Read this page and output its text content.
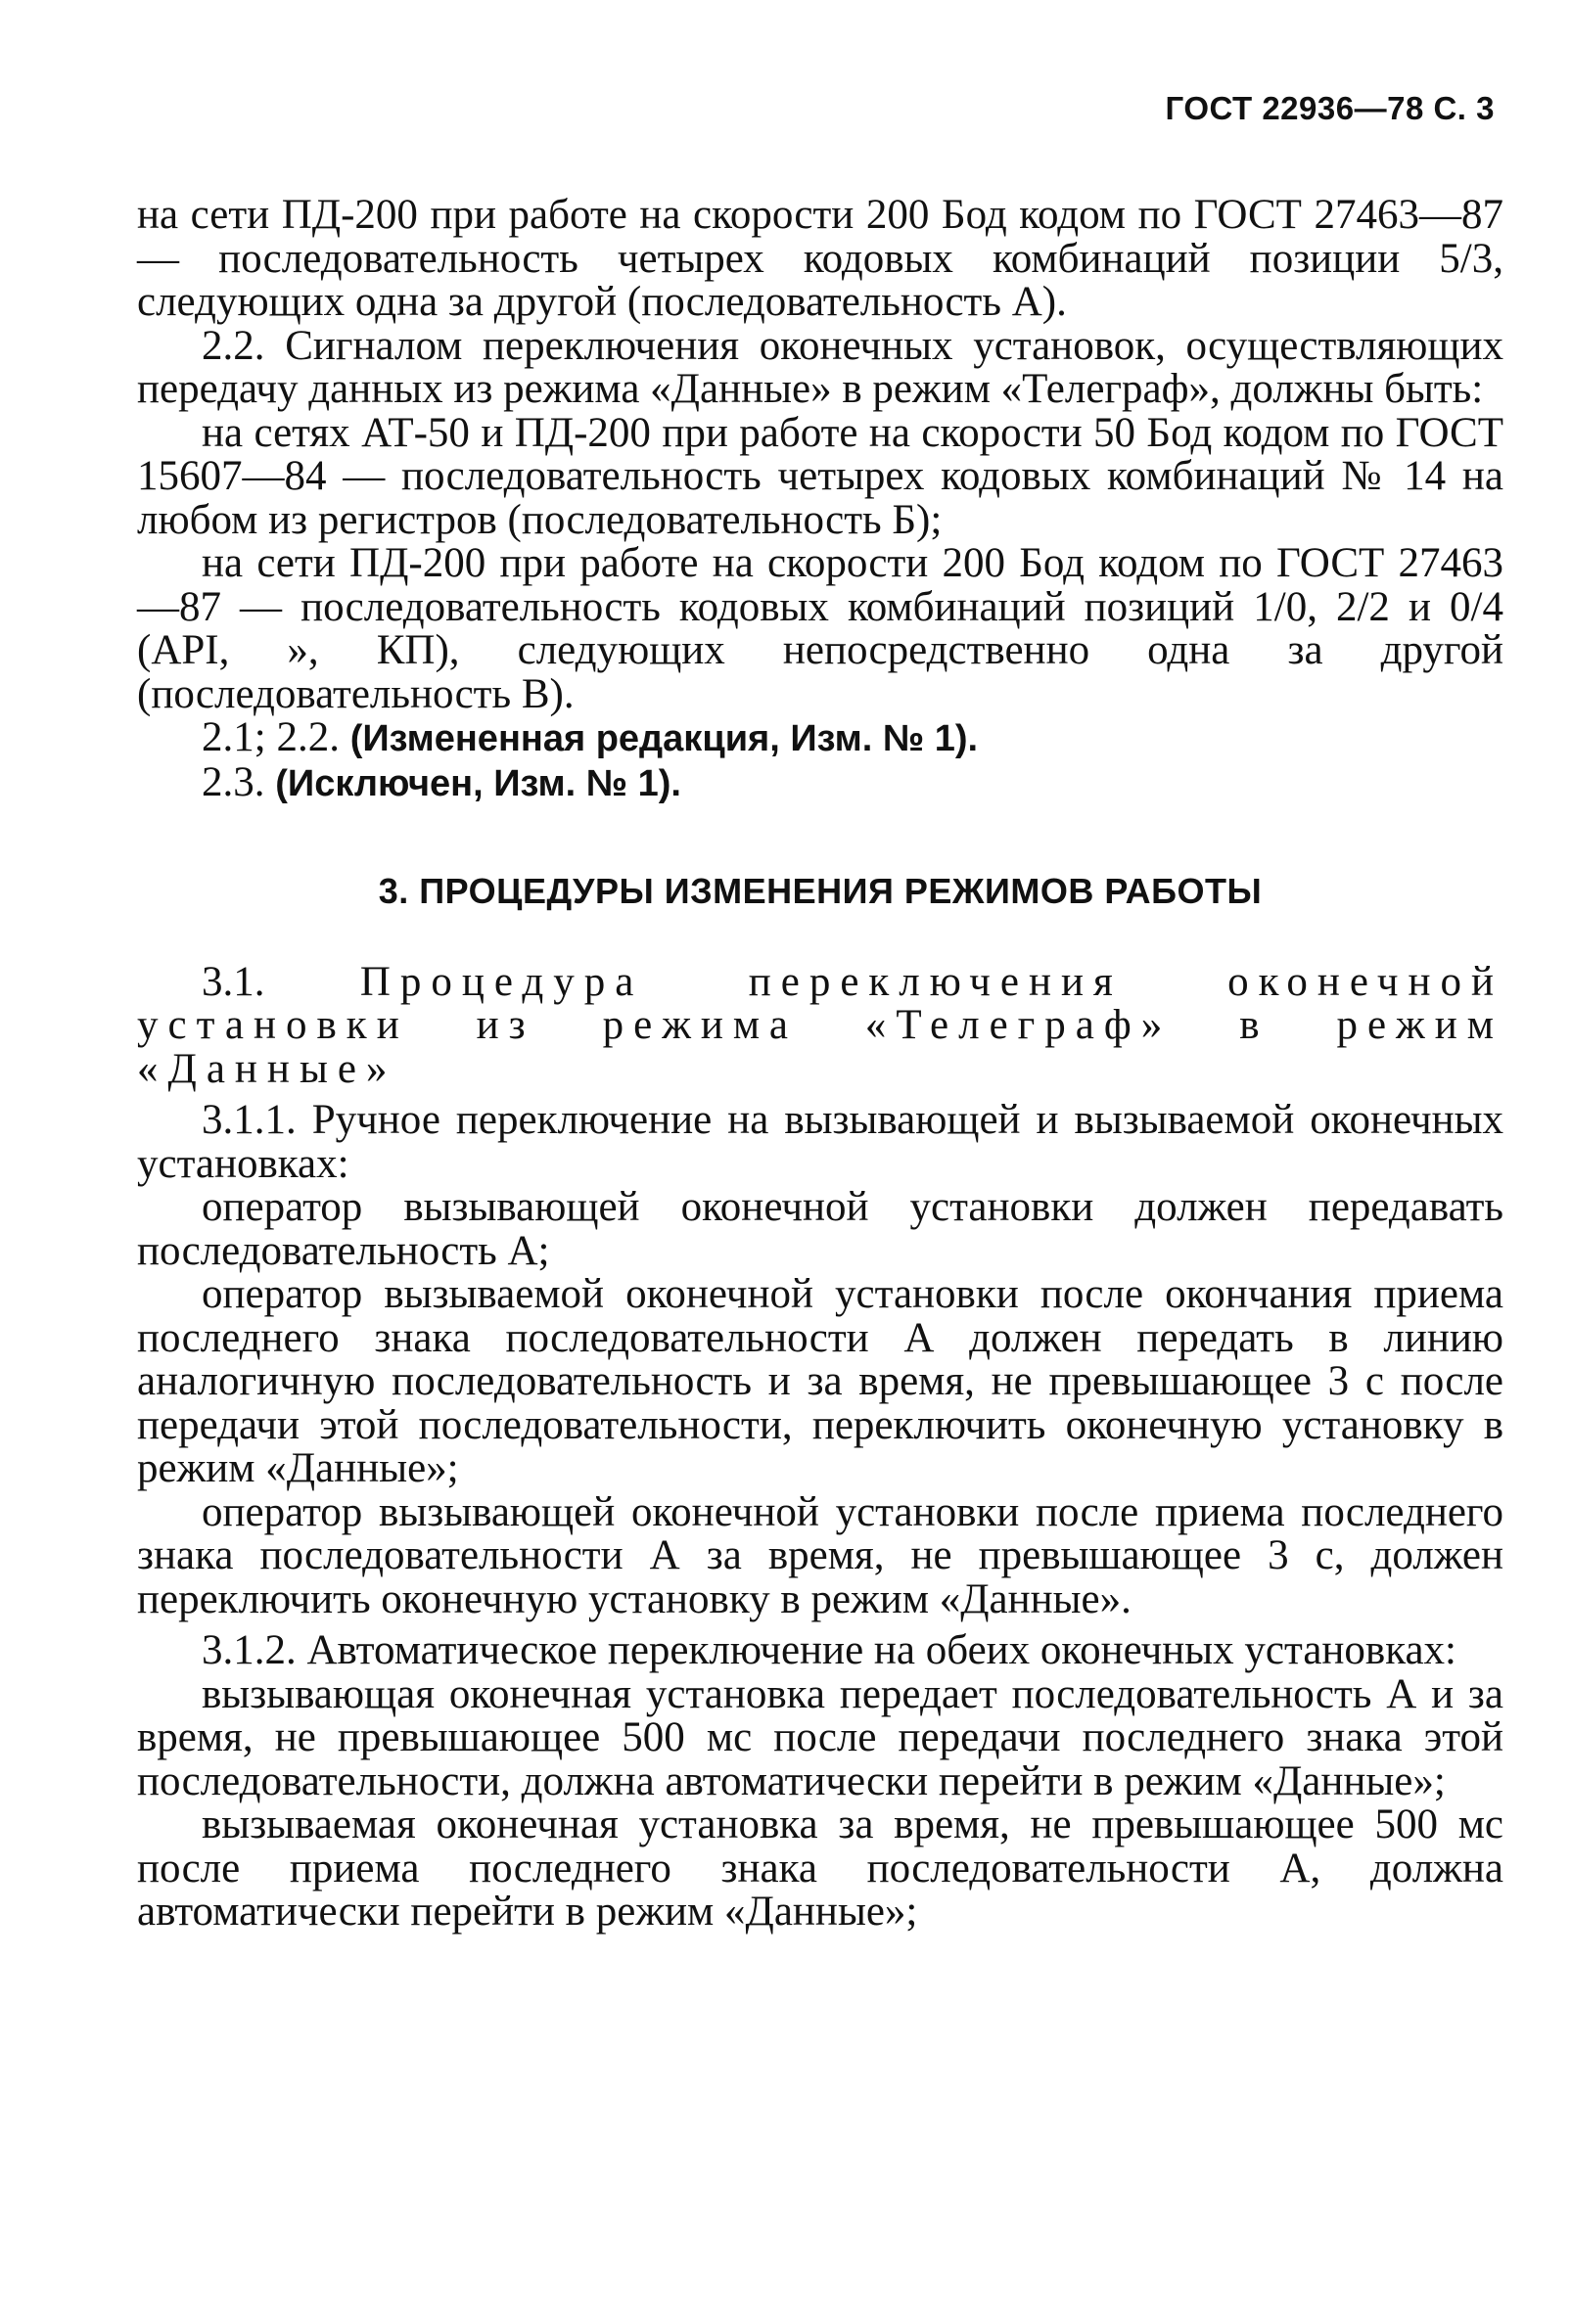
ГОСТ 22936—78 С. 3

на сети ПД-200 при работе на скорости 200 Бод кодом по ГОСТ 27463—87 — последовательность четырех кодовых комбинаций позиции 5/3, следующих одна за другой (последовательность А).

2.2. Сигналом переключения оконечных установок, осуществляющих передачу данных из режима «Данные» в режим «Телеграф», должны быть:

на сетях АТ-50 и ПД-200 при работе на скорости 50 Бод кодом по ГОСТ 15607—84 — последовательность четырех кодовых комбинаций № 14 на любом из регистров (последовательность Б);

на сети ПД-200 при работе на скорости 200 Бод кодом по ГОСТ 27463—87 — последовательность кодовых комбинаций позиций 1/0, 2/2 и 0/4 (API, », КП), следующих непосредственно одна за другой (последовательность В).

2.1; 2.2. (Измененная редакция, Изм. № 1).

2.3. (Исключен, Изм. № 1).

3. ПРОЦЕДУРЫ ИЗМЕНЕНИЯ РЕЖИМОВ РАБОТЫ

3.1. Процедура переключения оконечной установки из режима «Телеграф» в режим «Данные»

3.1.1. Ручное переключение на вызывающей и вызываемой оконечных установках:

оператор вызывающей оконечной установки должен передавать последовательность А;

оператор вызываемой оконечной установки после окончания приема последнего знака последовательности А должен передать в линию аналогичную последовательность и за время, не превышающее 3 с после передачи этой последовательности, переключить оконечную установку в режим «Данные»;

оператор вызывающей оконечной установки после приема последнего знака последовательности А за время, не превышающее 3 с, должен переключить оконечную установку в режим «Данные».

3.1.2. Автоматическое переключение на обеих оконечных установках:

вызывающая оконечная установка передает последовательность А и за время, не превышающее 500 мс после передачи последнего знака этой последовательности, должна автоматически перейти в режим «Данные»;

вызываемая оконечная установка за время, не превышающее 500 мс после приема последнего знака последовательности А, должна автоматически перейти в режим «Данные»;
